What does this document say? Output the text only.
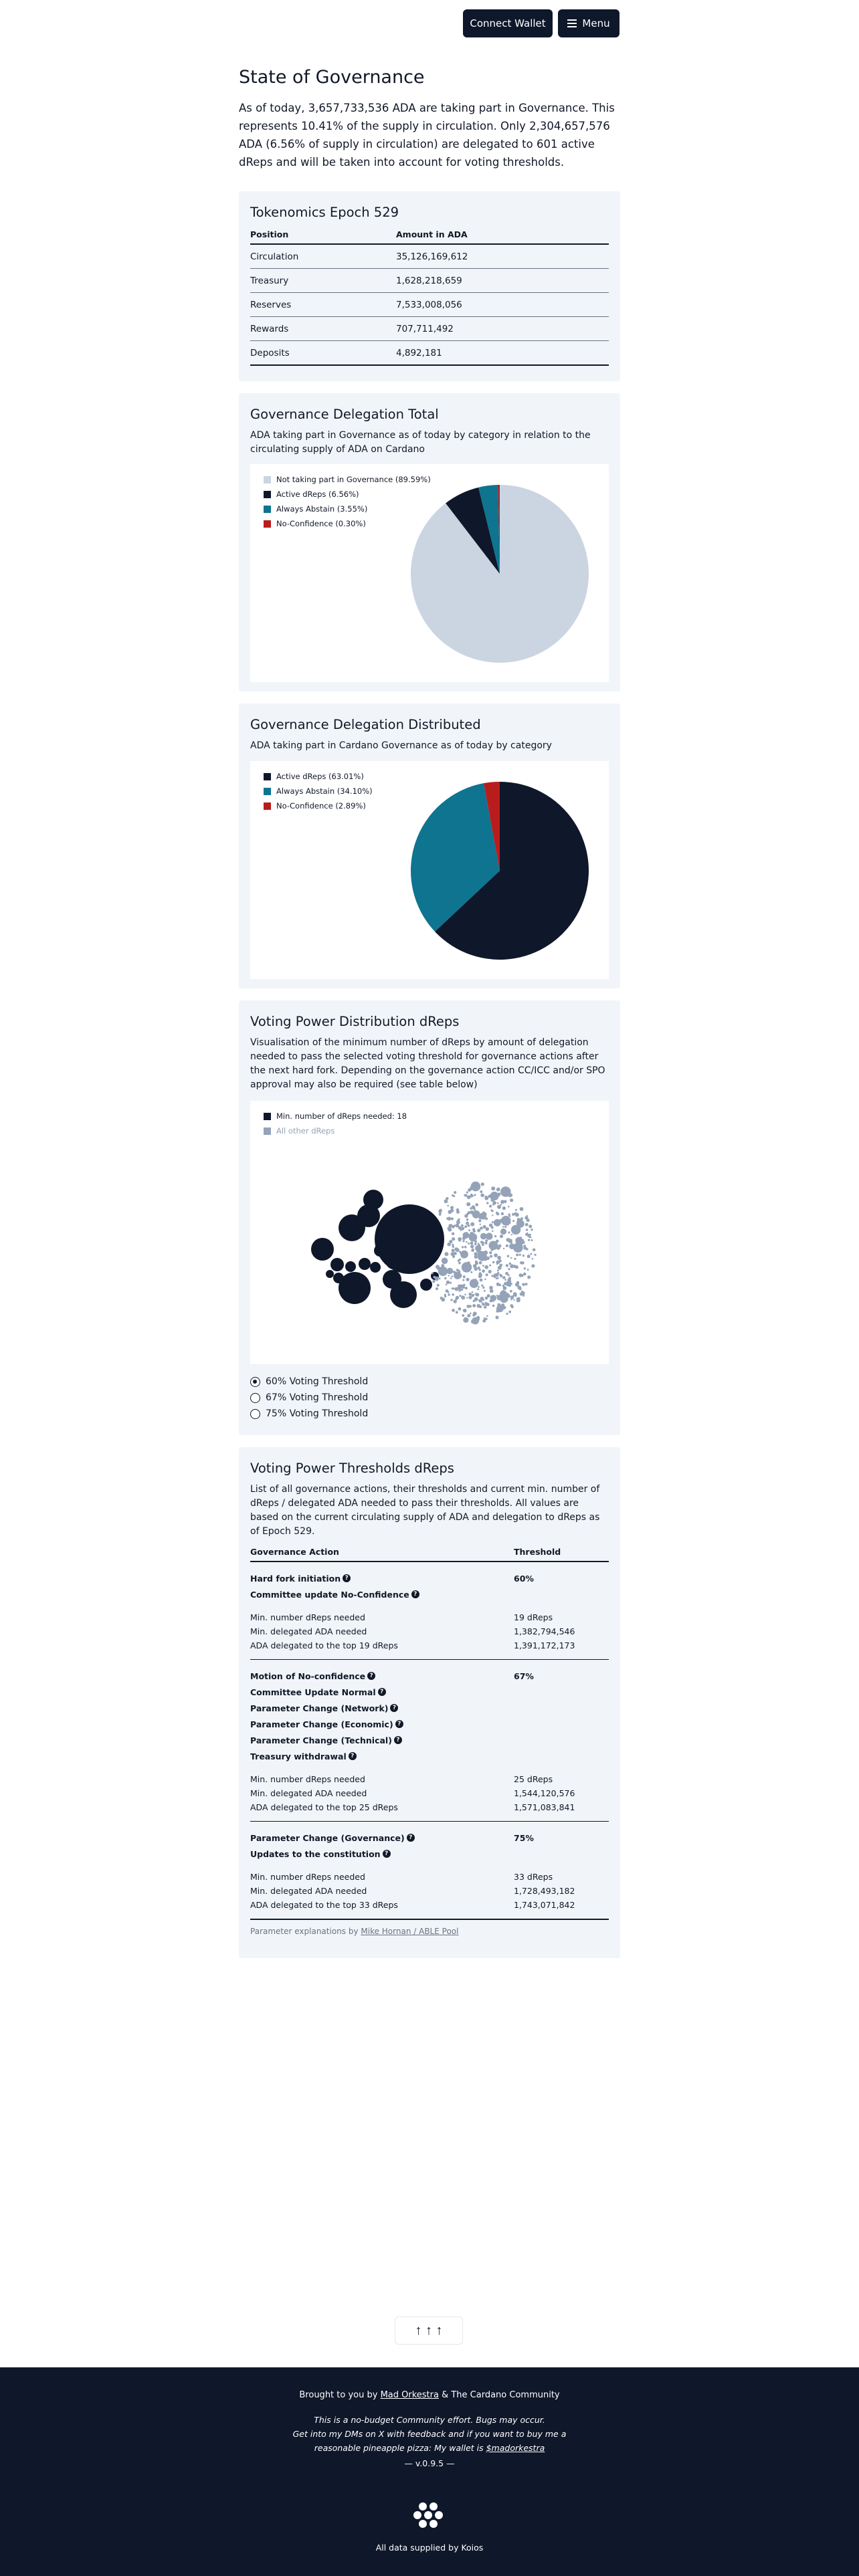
Connect Wallet	Menu
State of Governance

As of today, 3,657,733,536 ADA are taking part in Governance. This represents 10.41% of the supply in circulation. Only 2,304,657,576 ADA (6.56% of supply in circulation) are delegated to 601 active dReps and will be taken into account for voting thresholds.

Tokenomics Epoch 529
Position	Amount in ADA
Circulation	35,126,169,612
Treasury	1,628,218,659
Reserves	7,533,008,056
Rewards	707,711,492
Deposits	4,892,181
Governance Delegation Total

ADA taking part in Governance as of today by category in relation to the circulating supply of ADA on Cardano

Not taking part in Governance (89.59%)
Active dReps (6.56%)
Always Abstain (3.55%)
No-Confidence (0.30%)
Governance Delegation Distributed

ADA taking part in Cardano Governance as of today by category

Active dReps (63.01%)
Always Abstain (34.10%)
No-Confidence (2.89%)
Voting Power Distribution dReps

Visualisation of the minimum number of dReps by amount of delegation needed to pass the selected voting threshold for governance actions after the next hard fork. Depending on the governance action CC/ICC and/or SPO approval may also be required (see table below)

Min. number of dReps needed: 18
All other dReps
60% Voting Threshold
67% Voting Threshold
75% Voting Threshold
Voting Power Thresholds dReps

List of all governance actions, their thresholds and current min. number of dReps / delegated ADA needed to pass their thresholds. All values are based on the current circulating supply of ADA and delegation to dReps as of Epoch 529.

Governance Action	Threshold
Hard fork initiation ?	60%
Committee update No-Confidence ?
Min. number dReps needed	19 dReps
Min. delegated ADA needed	1,382,794,546
ADA delegated to the top 19 dReps	1,391,172,173
Motion of No-confidence ?	67%
Committee Update Normal ?
Parameter Change (Network) ?
Parameter Change (Economic) ?
Parameter Change (Technical) ?
Treasury withdrawal ?
Min. number dReps needed	25 dReps
Min. delegated ADA needed	1,544,120,576
ADA delegated to the top 25 dReps	1,571,083,841
Parameter Change (Governance) ?	75%
Updates to the constitution ?
Min. number dReps needed	33 dReps
Min. delegated ADA needed	1,728,493,182
ADA delegated to the top 33 dReps	1,743,071,842

Parameter explanations by Mike Hornan / ABLE Pool

↑ ↑ ↑
Brought to you by Mad Orkestra & The Cardano Community
This is a no-budget Community effort. Bugs may occur.
Get into my DMs on X with feedback and if you want to buy me a
reasonable pineapple pizza: My wallet is $madorkestra
— v.0.9.5 —
All data supplied by Koios
